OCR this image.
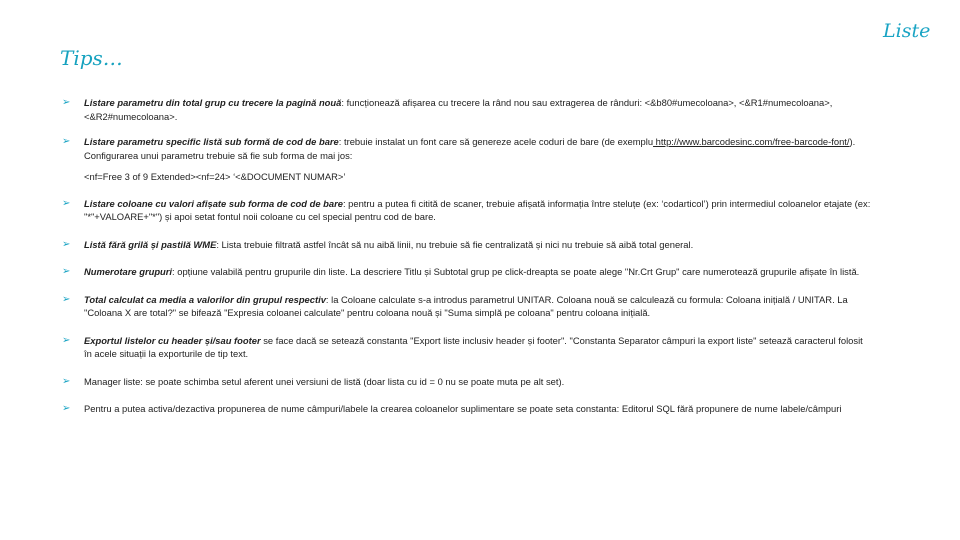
Liste
Tips…
➢ Listare parametru din total grup cu trecere la pagină nouă: funcționează afișarea cu trecere la rând nou sau extragerea de rânduri: <&b80#umecoloana>, <&R1#numecoloana>, <&R2#numecoloana>.
➢ Listare parametru specific listă sub formă de cod de bare: trebuie instalat un font care să genereze acele coduri de bare (de exemplu http://www.barcodesinc.com/free-barcode-font/). Configurarea unui parametru trebuie să fie sub forma de mai jos:
<nf=Free 3 of 9 Extended><nf=24> ‘<&DOCUMENT NUMAR>’
➢ Listare coloane cu valori afișate sub forma de cod de bare: pentru a putea fi citită de scaner, trebuie afișată informația între steluțe (ex: ‘codarticol’) prin intermediul coloanelor etajate (ex: "*"+VALOARE+"*") și apoi setat fontul noii coloane cu cel special pentru cod de bare.
➢ Listă fără grilă și pastilă WME: Lista trebuie filtrată astfel încât să nu aibă linii, nu trebuie să fie centralizată și nici nu trebuie să aibă total general.
➢ Numerotare grupuri: opțiune valabilă pentru grupurile din liste. La descriere Titlu și Subtotal grup pe click-dreapta se poate alege "Nr.Crt Grup" care numerotează grupurile afișate în listă.
➢ Total calculat ca media a valorilor din grupul respectiv: la Coloane calculate s-a introdus parametrul UNITAR. Coloana nouă se calculează cu formula: Coloana inițială / UNITAR. La "Coloana X are total?" se bifează "Expresia coloanei calculate" pentru coloana nouă și "Suma simplă pe coloana" pentru coloana inițială.
➢ Exportul listelor cu header și/sau footer se face dacă se setează constanta "Export liste inclusiv header și footer". "Constanta Separator câmpuri la export liste" setează caracterul folosit în acele situații la exporturile de tip text.
➢ Manager liste: se poate schimba setul aferent unei versiuni de listă (doar lista cu id = 0 nu se poate muta pe alt set).
➢ Pentru a putea activa/dezactiva propunerea de nume câmpuri/labele la crearea coloanelor suplimentare se poate seta constanta: Editorul SQL fără propunere de nume labele/câmpuri
